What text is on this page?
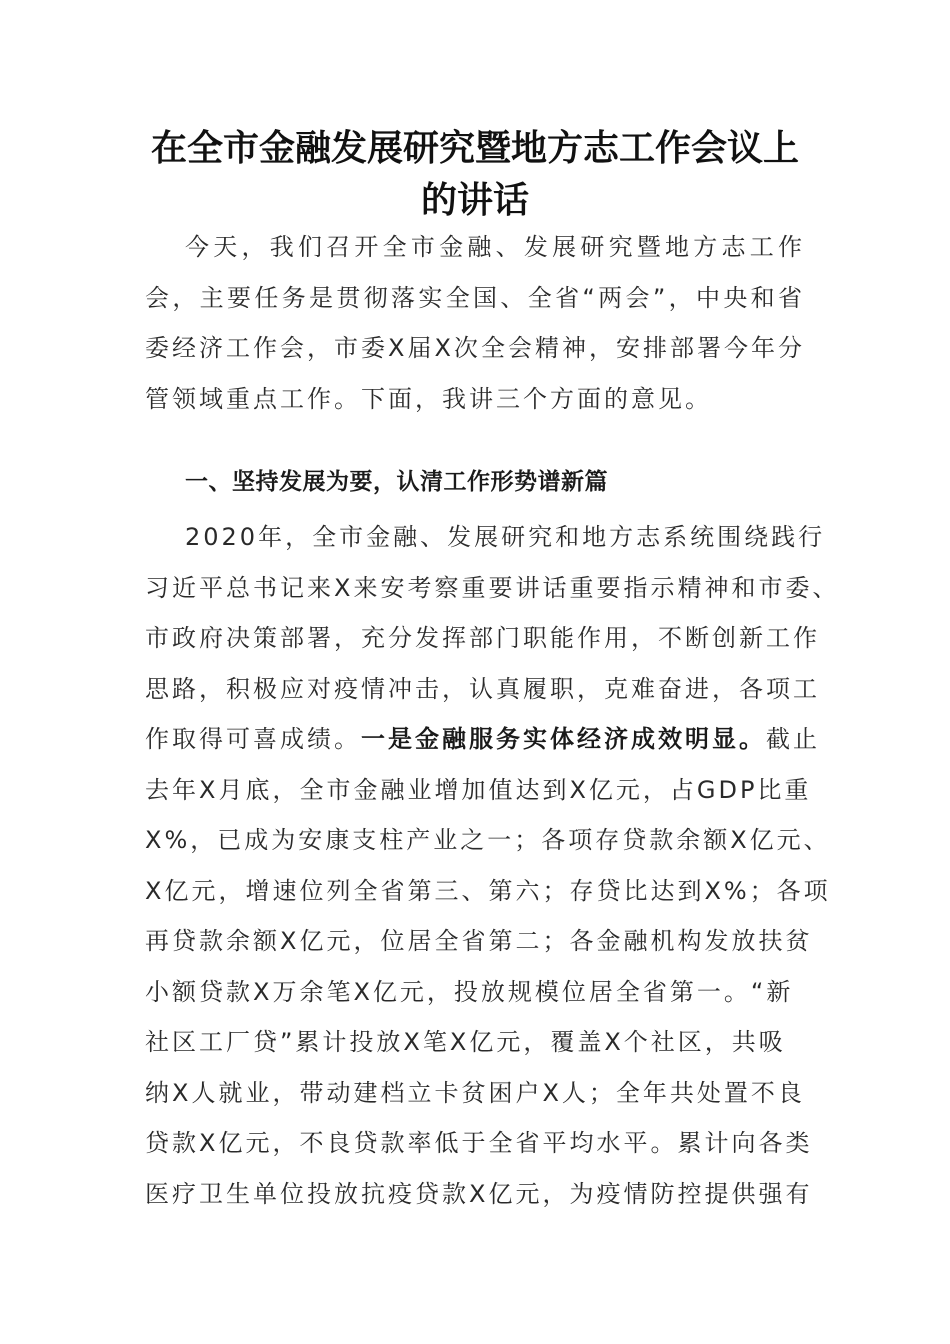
在全市金融发展研究暨地方志工作会议上
的讲话

今天，我们召开全市金融、发展研究暨地方志工作会，主要任务是贯彻落实全国、全省“两会”，中央和省委经济工作会，市委X届X次全会精神，安排部署今年分管领域重点工作。下面，我讲三个方面的意见。

一、坚持发展为要，认清工作形势谱新篇
2020年，全市金融、发展研究和地方志系统围绕践行
习近平总书记来X来安考察重要讲话重要指示精神和市委、
市政府决策部署，充分发挥部门职能作用，不断创新工作
思路，积极应对疫情冲击，认真履职，克难奋进，各项工
作取得可喜成绩。一是金融服务实体经济成效明显。截止
去年X月底，全市金融业增加值达到X亿元，占GDP比重
X%，已成为安康支柱产业之一；各项存贷款余额X亿元、
X亿元，增速位列全省第三、第六；存贷比达到X%；各项
再贷款余额X亿元，位居全省第二；各金融机构发放扶贫
小额贷款X万余笔X亿元，投放规模位居全省第一。“新
社区工厂贷”累计投放X笔X亿元，覆盖X个社区，共吸
纳X人就业，带动建档立卡贫困户X人；全年共处置不良
贷款X亿元，不良贷款率低于全省平均水平。累计向各类
医疗卫生单位投放抗疫贷款X亿元，为疫情防控提供强有
